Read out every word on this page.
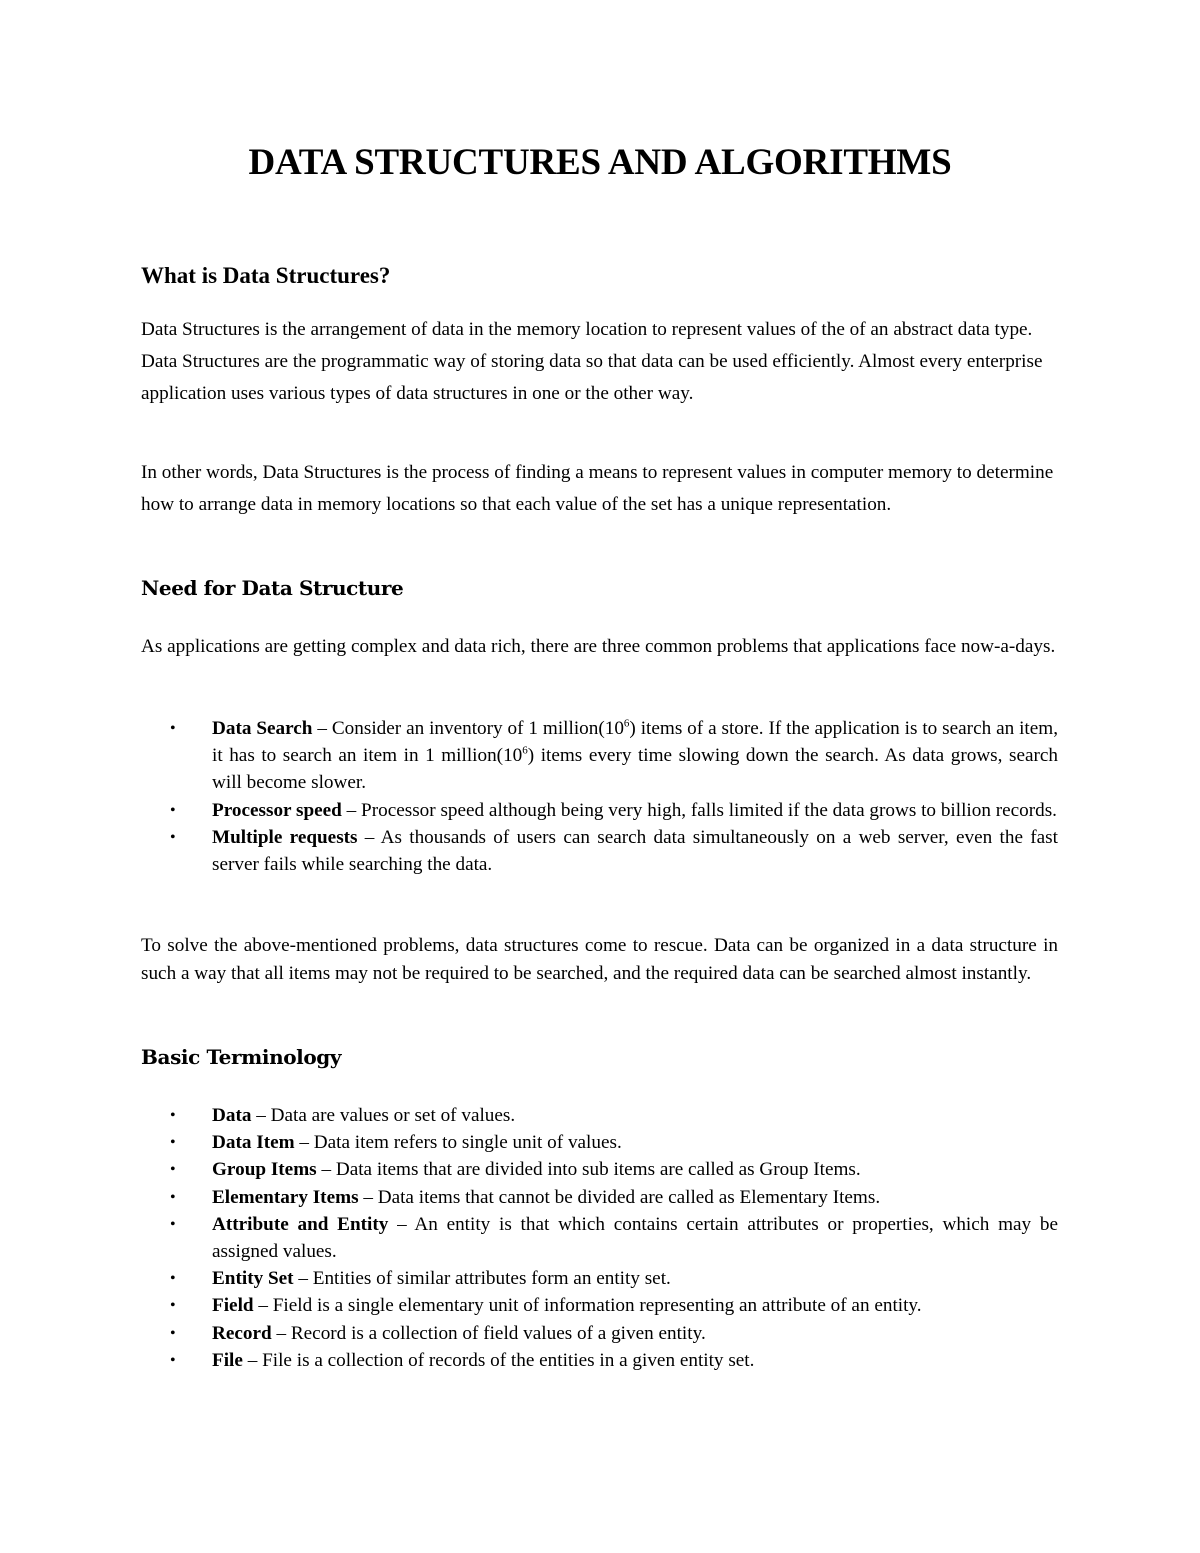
DATA STRUCTURES AND ALGORITHMS
What is Data Structures?

Data Structures is the arrangement of data in the memory location to represent values of the of an abstract data type. Data Structures are the programmatic way of storing data so that data can be used efficiently. Almost every enterprise application uses various types of data structures in one or the other way.

In other words, Data Structures is the process of finding a means to represent values in computer memory to determine how to arrange data in memory locations so that each value of the set has a unique representation.

Need for Data Structure

As applications are getting complex and data rich, there are three common problems that applications face now-a-days.

• Data Search – Consider an inventory of 1 $million(10^6)$ items of a store. If the application is to search an item, it has to search an item in 1 $million(10^6)$ items every time slowing down the search. As data grows, search will become slower.
• Processor speed – Processor speed although being very high, falls limited if the data grows to billion records.
• Multiple requests – As thousands of users can search data simultaneously on a web server, even the fast server fails while searching the data.

To solve the above-mentioned problems, data structures come to rescue. Data can be organized in a data structure in such a way that all items may not be required to be searched, and the required data can be searched almost instantly.

Basic Terminology
• Data – Data are values or set of values.
• Data Item – Data item refers to single unit of values.
• Group Items – Data items that are divided into sub items are called as Group Items.
• Elementary Items – Data items that cannot be divided are called as Elementary Items.
• Attribute and Entity – An entity is that which contains certain attributes or properties, which may be assigned values.
• Entity Set – Entities of similar attributes form an entity set.
• Field – Field is a single elementary unit of information representing an attribute of an entity.
• Record – Record is a collection of field values of a given entity.
• File – File is a collection of records of the entities in a given entity set.
